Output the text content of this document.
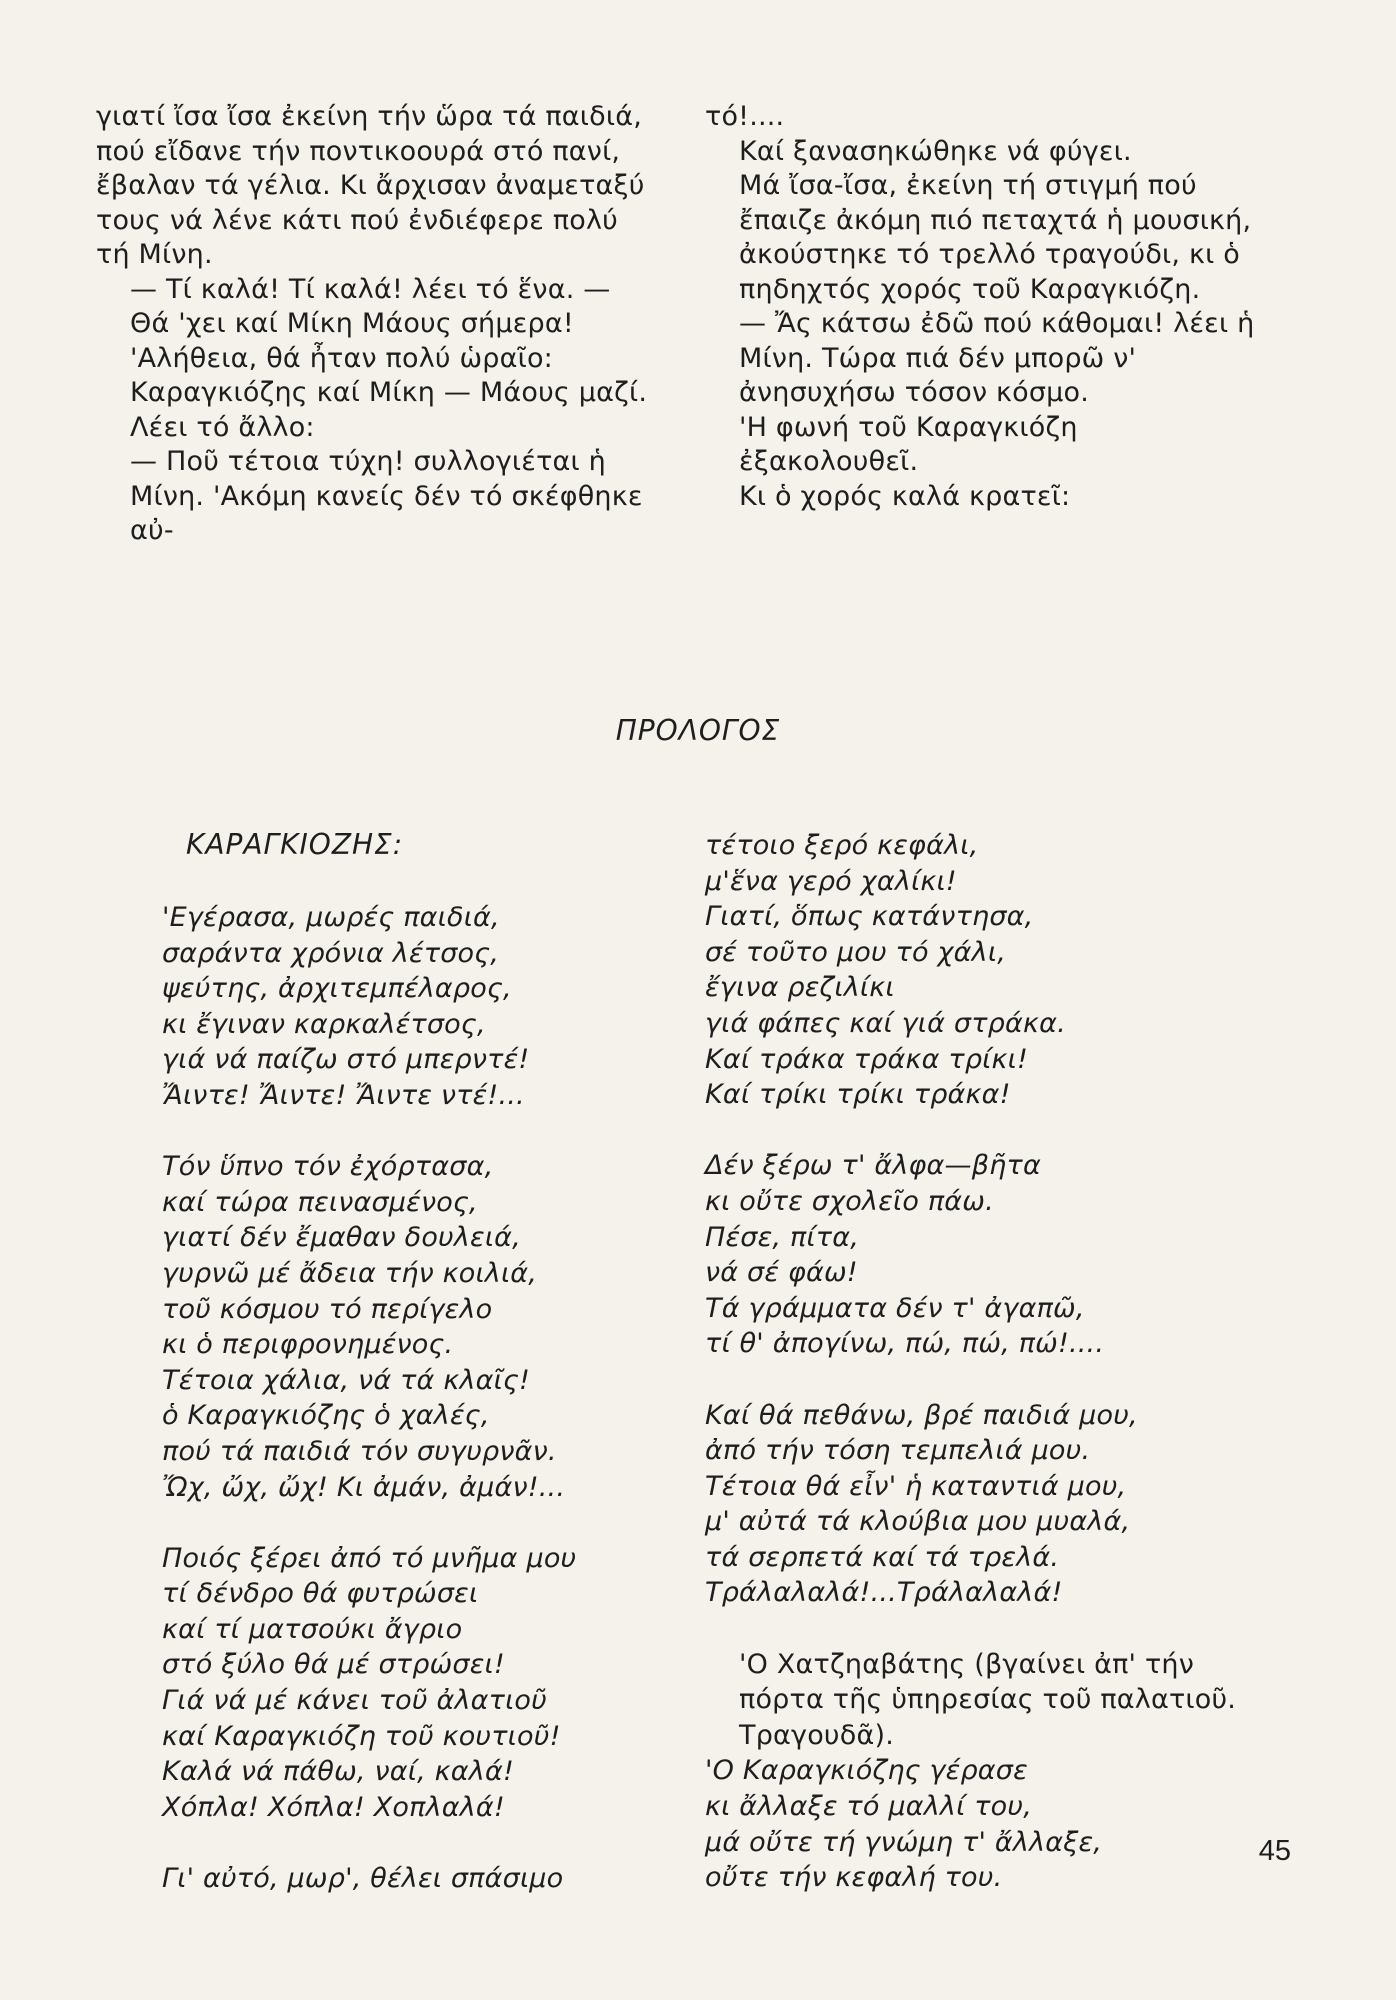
γιατί ἴσα ἴσα ἐκείνη τήν ὥρα τά παιδιά, πού εἴδανε τήν ποντικοουρά στό πανί, ἔβαλαν τά γέλια. Κι ἄρχισαν ἀναμεταξύ τους νά λένε κάτι πού ἐνδιέφερε πολύ τή Μίνη.

— Τί καλά! Τί καλά! λέει τό ἕνα. — Θά 'χει καί Μίκη Μάους σήμερα!

'Αλήθεια, θά ἦταν πολύ ὡραῖο: Καραγκιόζης καί Μίκη — Μάους μαζί.

Λέει τό ἄλλο:

— Ποῦ τέτοια τύχη! συλλογιέται ἡ Μίνη. 'Ακόμη κανείς δέν τό σκέφθηκε αὐ-

τό!....

Καί ξανασηκώθηκε νά φύγει.

Μά ἴσα-ἴσα, ἐκείνη τή στιγμή πού ἔπαιζε ἀκόμη πιό πεταχτά ἡ μουσική, ἀκούστηκε τό τρελλό τραγούδι, κι ὁ πηδηχτός χορός τοῦ Καραγκιόζη.

— Ἄς κάτσω ἐδῶ πού κάθομαι! λέει ἡ Μίνη. Τώρα πιά δέν μπορῶ ν' ἀνησυχήσω τόσον κόσμο.

'Η φωνή τοῦ Καραγκιόζη ἐξακολουθεῖ.

Κι ὁ χορός καλά κρατεῖ:

ΠΡΟΛΟΓΟΣ
ΚΑΡΑΓΚΙΟΖΗΣ:
'Εγέρασα, μωρές παιδιά,
σαράντα χρόνια λέτσος,
ψεύτης, ἀρχιτεμπέλαρος,
κι ἔγιναν καρκαλέτσος,
γιά νά παίζω στό μπερντέ!
Ἄιντε! Ἄιντε! Ἄιντε ντέ!...
Τόν ὕπνο τόν ἐχόρτασα,
καί τώρα πεινασμένος,
γιατί δέν ἔμαθαν δουλειά,
γυρνῶ μέ ἄδεια τήν κοιλιά,
τοῦ κόσμου τό περίγελο
κι ὁ περιφρονημένος.
Τέτοια χάλια, νά τά κλαῖς!
ὁ Καραγκιόζης ὁ χαλές,
πού τά παιδιά τόν συγυρνᾶν.
Ὤχ, ὤχ, ὤχ! Κι ἀμάν, ἀμάν!...
Ποιός ξέρει ἀπό τό μνῆμα μου
τί δένδρο θά φυτρώσει
καί τί ματσούκι ἄγριο
στό ξύλο θά μέ στρώσει!
Γιά νά μέ κάνει τοῦ ἀλατιοῦ
καί Καραγκιόζη τοῦ κουτιοῦ!
Καλά νά πάθω, ναί, καλά!
Χόπλα! Χόπλα! Χοπλαλά!
Γι' αὐτό, μωρ', θέλει σπάσιμο
τέτοιο ξερό κεφάλι,
μ'ἕνα γερό χαλίκι!
Γιατί, ὅπως κατάντησα,
σέ τοῦτο μου τό χάλι,
ἔγινα ρεζιλίκι
γιά φάπες καί γιά στράκα.
Καί τράκα τράκα τρίκι!
Καί τρίκι τρίκι τράκα!
Δέν ξέρω τ' ἄλφα—βῆτα
κι οὔτε σχολεῖο πάω.
Πέσε, πίτα,
νά σέ φάω!
Τά γράμματα δέν τ' ἀγαπῶ,
τί θ' ἀπογίνω, πώ, πώ, πώ!....
Καί θά πεθάνω, βρέ παιδιά μου,
ἀπό τήν τόση τεμπελιά μου.
Τέτοια θά εἶν' ἡ καταντιά μου,
μ' αὐτά τά κλούβια μου μυαλά,
τά σερπετά καί τά τρελά.
Τράλαλαλά!...Τράλαλαλά!
'Ο Χατζηαβάτης (βγαίνει ἀπ' τήν πόρτα τῆς ὑπηρεσίας τοῦ παλατιοῦ. Τραγουδᾶ).
'Ο Καραγκιόζης γέρασε
κι ἄλλαξε τό μαλλί του,
μά οὔτε τή γνώμη τ' ἄλλαξε,
οὔτε τήν κεφαλή του.
45
